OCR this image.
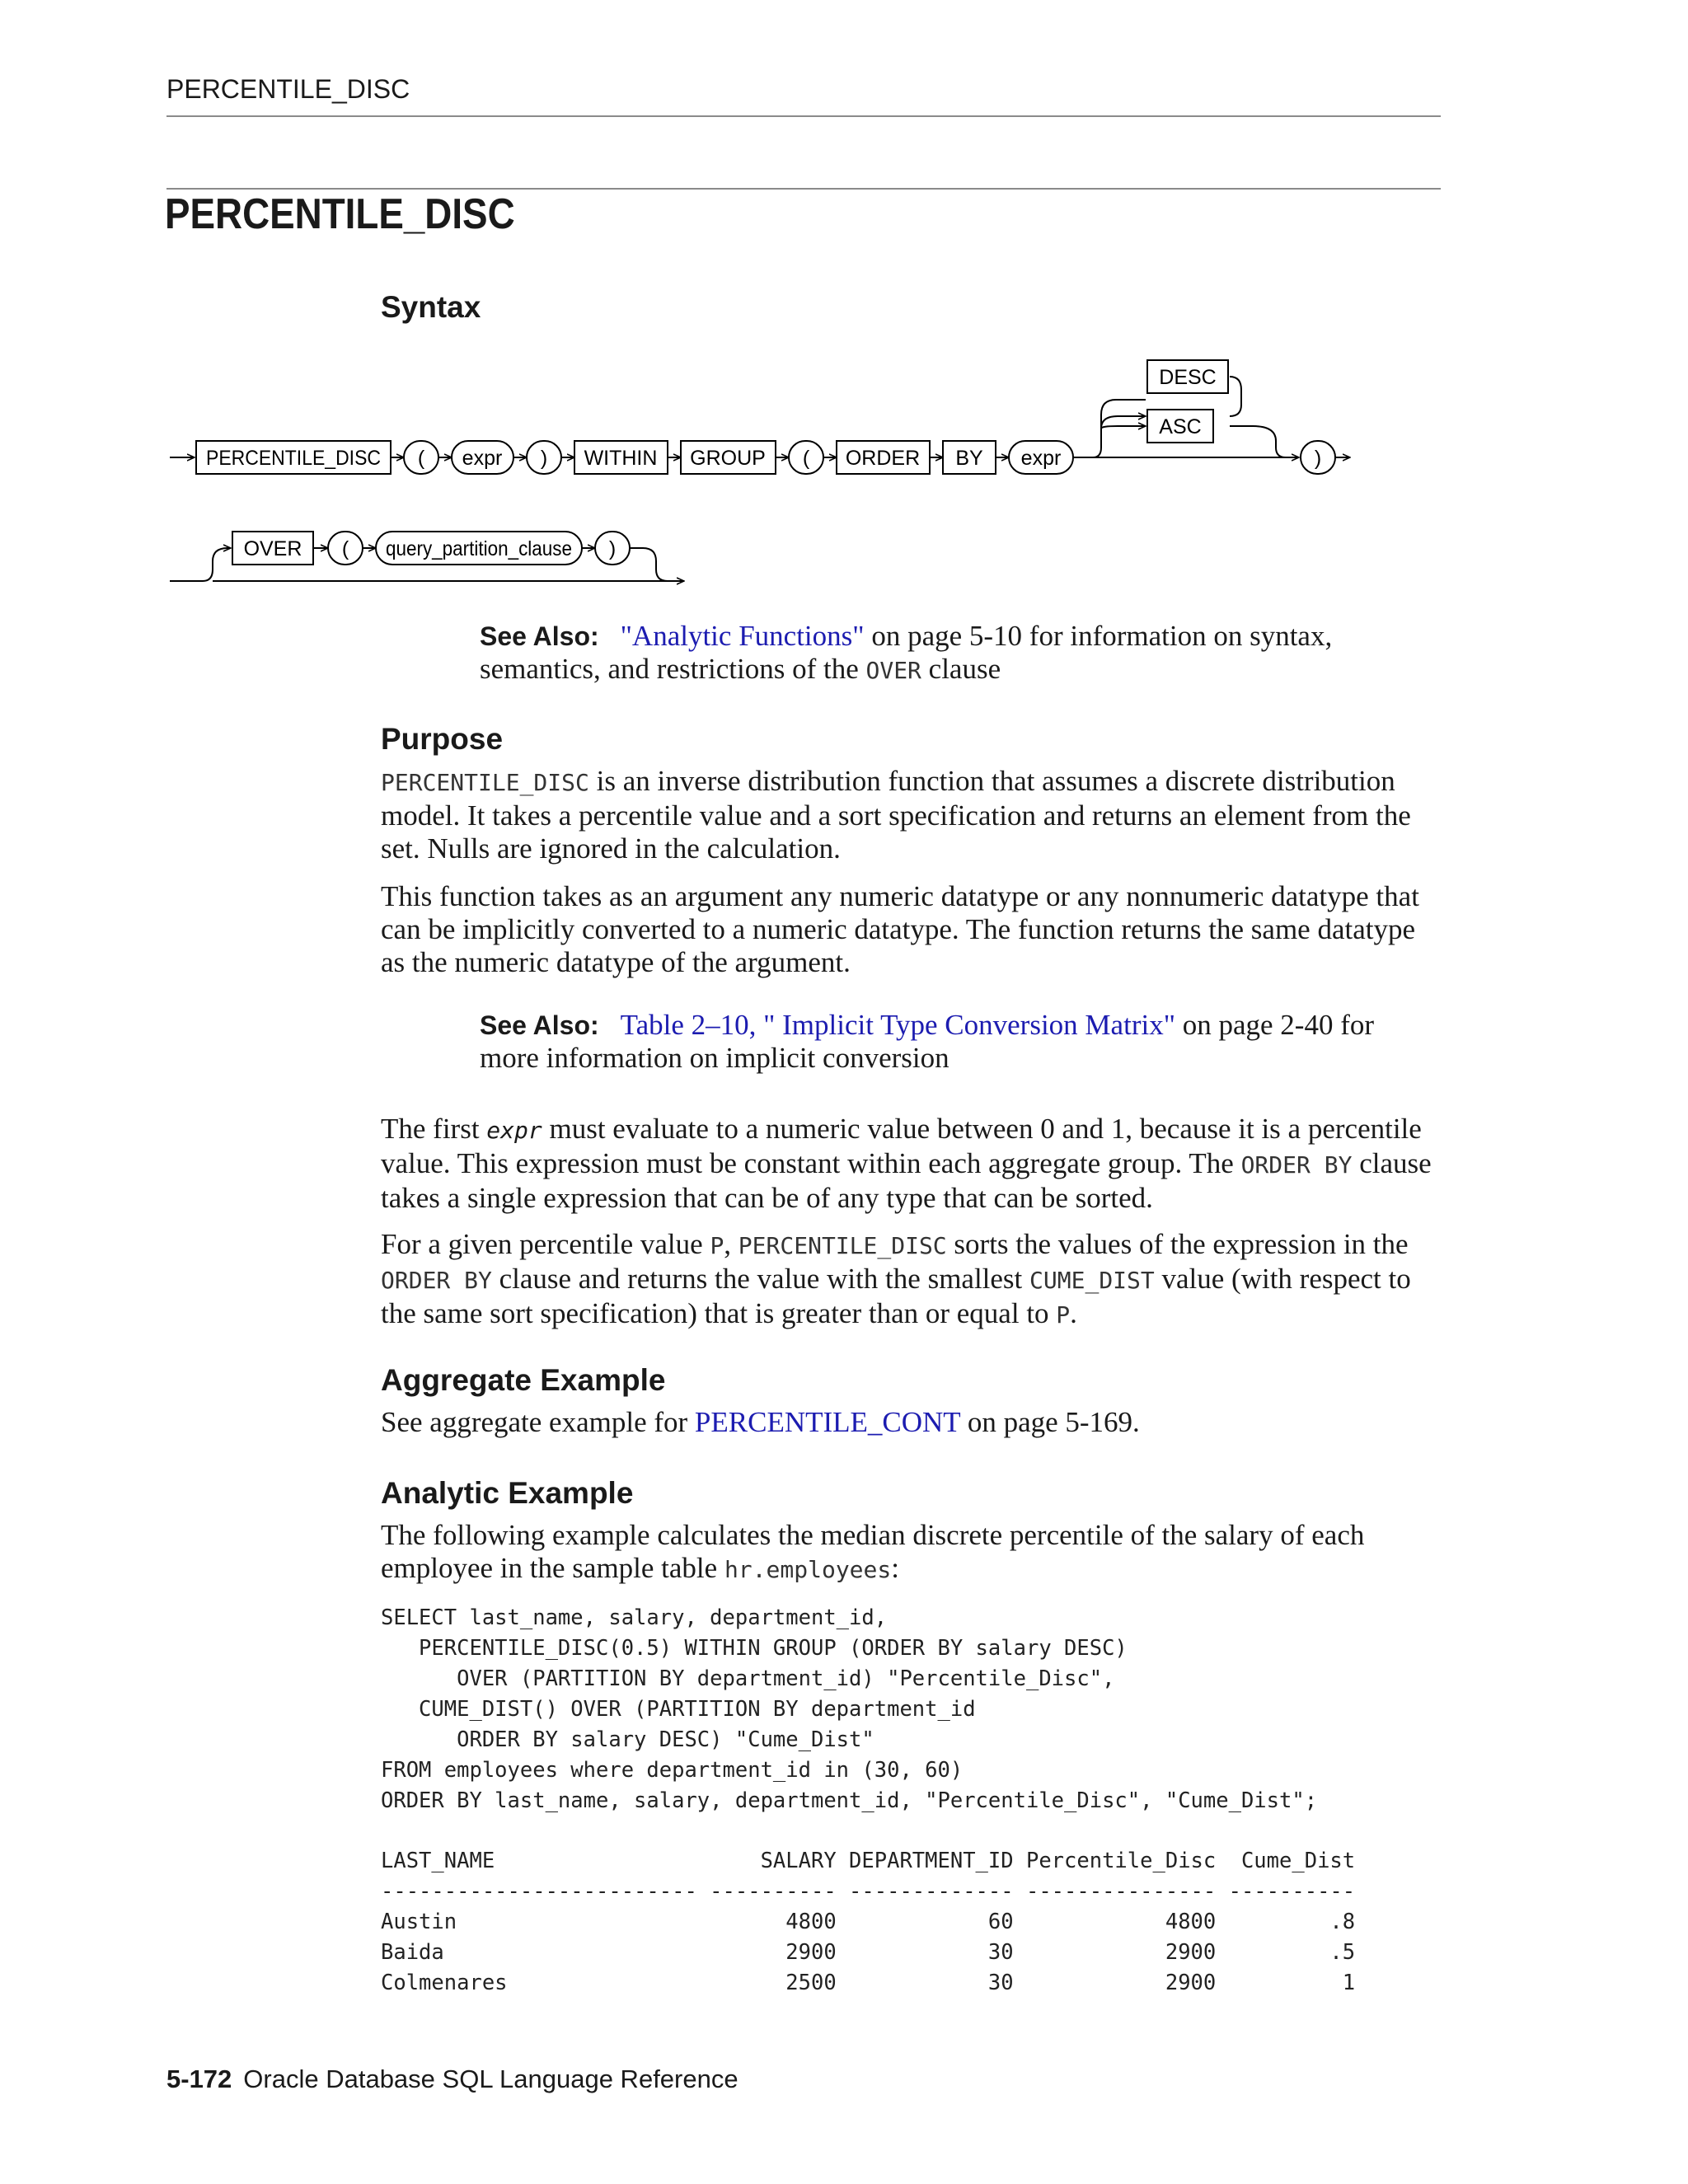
PERCENTILE_DISC
PERCENTILE_DISC
Syntax
PERCENTILE_DISC ( expr ) WITHIN GROUP ( ORDER BY expr
DESC
ASC
)
OVER ( query_partition_clause )
See Also: "Analytic Functions" on page 5-10 for information on syntax, semantics, and restrictions of the OVER clause
Purpose

PERCENTILE_DISC is an inverse distribution function that assumes a discrete distribution model. It takes a percentile value and a sort specification and returns an element from the set. Nulls are ignored in the calculation.

This function takes as an argument any numeric datatype or any nonnumeric datatype that can be implicitly converted to a numeric datatype. The function returns the same datatype as the numeric datatype of the argument.

See Also: Table 2–10, " Implicit Type Conversion Matrix" on page 2-40 for more information on implicit conversion

The first expr must evaluate to a numeric value between 0 and 1, because it is a percentile value. This expression must be constant within each aggregate group. The ORDER BY clause takes a single expression that can be of any type that can be sorted.

For a given percentile value P, PERCENTILE_DISC sorts the values of the expression in the ORDER BY clause and returns the value with the smallest CUME_DIST value (with respect to the same sort specification) that is greater than or equal to P.

Aggregate Example

See aggregate example for PERCENTILE_CONT on page 5-169.

Analytic Example

The following example calculates the median discrete percentile of the salary of each employee in the sample table hr.employees:

SELECT last_name, salary, department_id,
PERCENTILE_DISC(0.5) WITHIN GROUP (ORDER BY salary DESC)
OVER (PARTITION BY department_id) "Percentile_Disc",
CUME_DIST() OVER (PARTITION BY department_id
ORDER BY salary DESC) "Cume_Dist"
FROM employees where department_id in (30, 60)
ORDER BY last_name, salary, department_id, "Percentile_Disc", "Cume_Dist";
LAST_NAME                     SALARY DEPARTMENT_ID Percentile_Disc  Cume_Dist
------------------------- ---------- ------------- --------------- ----------
Austin                          4800            60            4800         .8
Baida                           2900            30            2900         .5
Colmenares                      2500            30            2900          1
5-172 Oracle Database SQL Language Reference
